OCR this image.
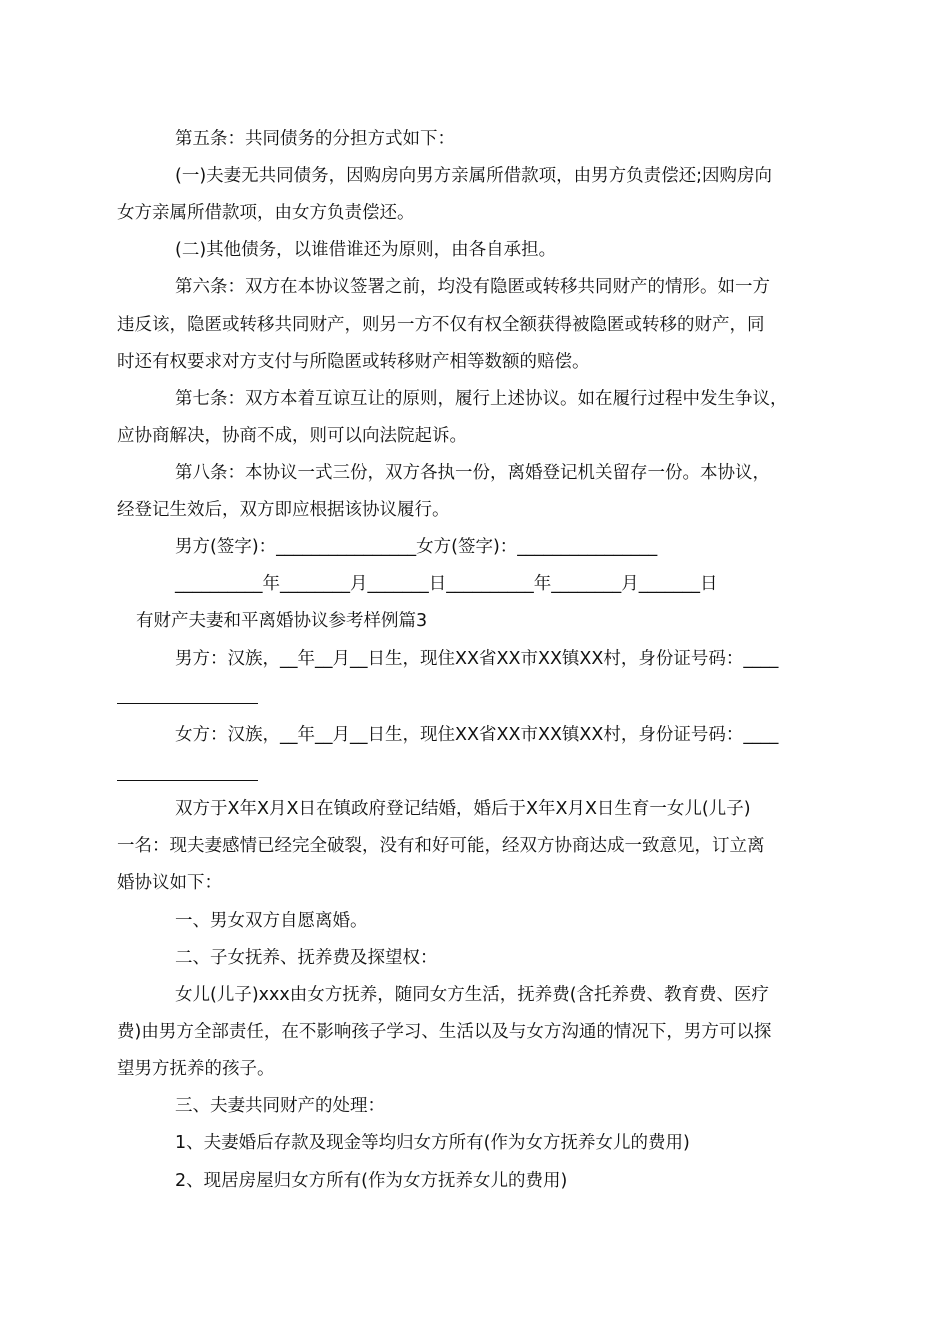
第五条：共同债务的分担方式如下：
(一)夫妻无共同债务，因购房向男方亲属所借款项，由男方负责偿还;因购房向
女方亲属所借款项，由女方负责偿还。
(二)其他债务，以谁借谁还为原则，由各自承担。
第六条：双方在本协议签署之前，均没有隐匿或转移共同财产的情形。如一方
违反该，隐匿或转移共同财产，则另一方不仅有权全额获得被隐匿或转移的财产，同
时还有权要求对方支付与所隐匿或转移财产相等数额的赔偿。
第七条：双方本着互谅互让的原则，履行上述协议。如在履行过程中发生争议，
应协商解决，协商不成，则可以向法院起诉。
第八条：本协议一式三份，双方各执一份，离婚登记机关留存一份。本协议，
经登记生效后，双方即应根据该协议履行。
男方(签字)：________________女方(签字)：________________
__________年________月_______日__________年________月_______日
有财产夫妻和平离婚协议参考样例篇3
男方：汉族，__年__月__日生，现住XX省XX市XX镇XX村，身份证号码：____
女方：汉族，__年__月__日生，现住XX省XX市XX镇XX村，身份证号码：____
双方于X年X月X日在镇政府登记结婚，婚后于X年X月X日生育一女儿(儿子)
一名：现夫妻感情已经完全破裂，没有和好可能，经双方协商达成一致意见，订立离
婚协议如下：
一、男女双方自愿离婚。
二、子女抚养、抚养费及探望权：
女儿(儿子)xxx由女方抚养，随同女方生活，抚养费(含托养费、教育费、医疗
费)由男方全部责任，在不影响孩子学习、生活以及与女方沟通的情况下，男方可以探
望男方抚养的孩子。
三、夫妻共同财产的处理：
1、夫妻婚后存款及现金等均归女方所有(作为女方抚养女儿的费用)
2、现居房屋归女方所有(作为女方抚养女儿的费用)
